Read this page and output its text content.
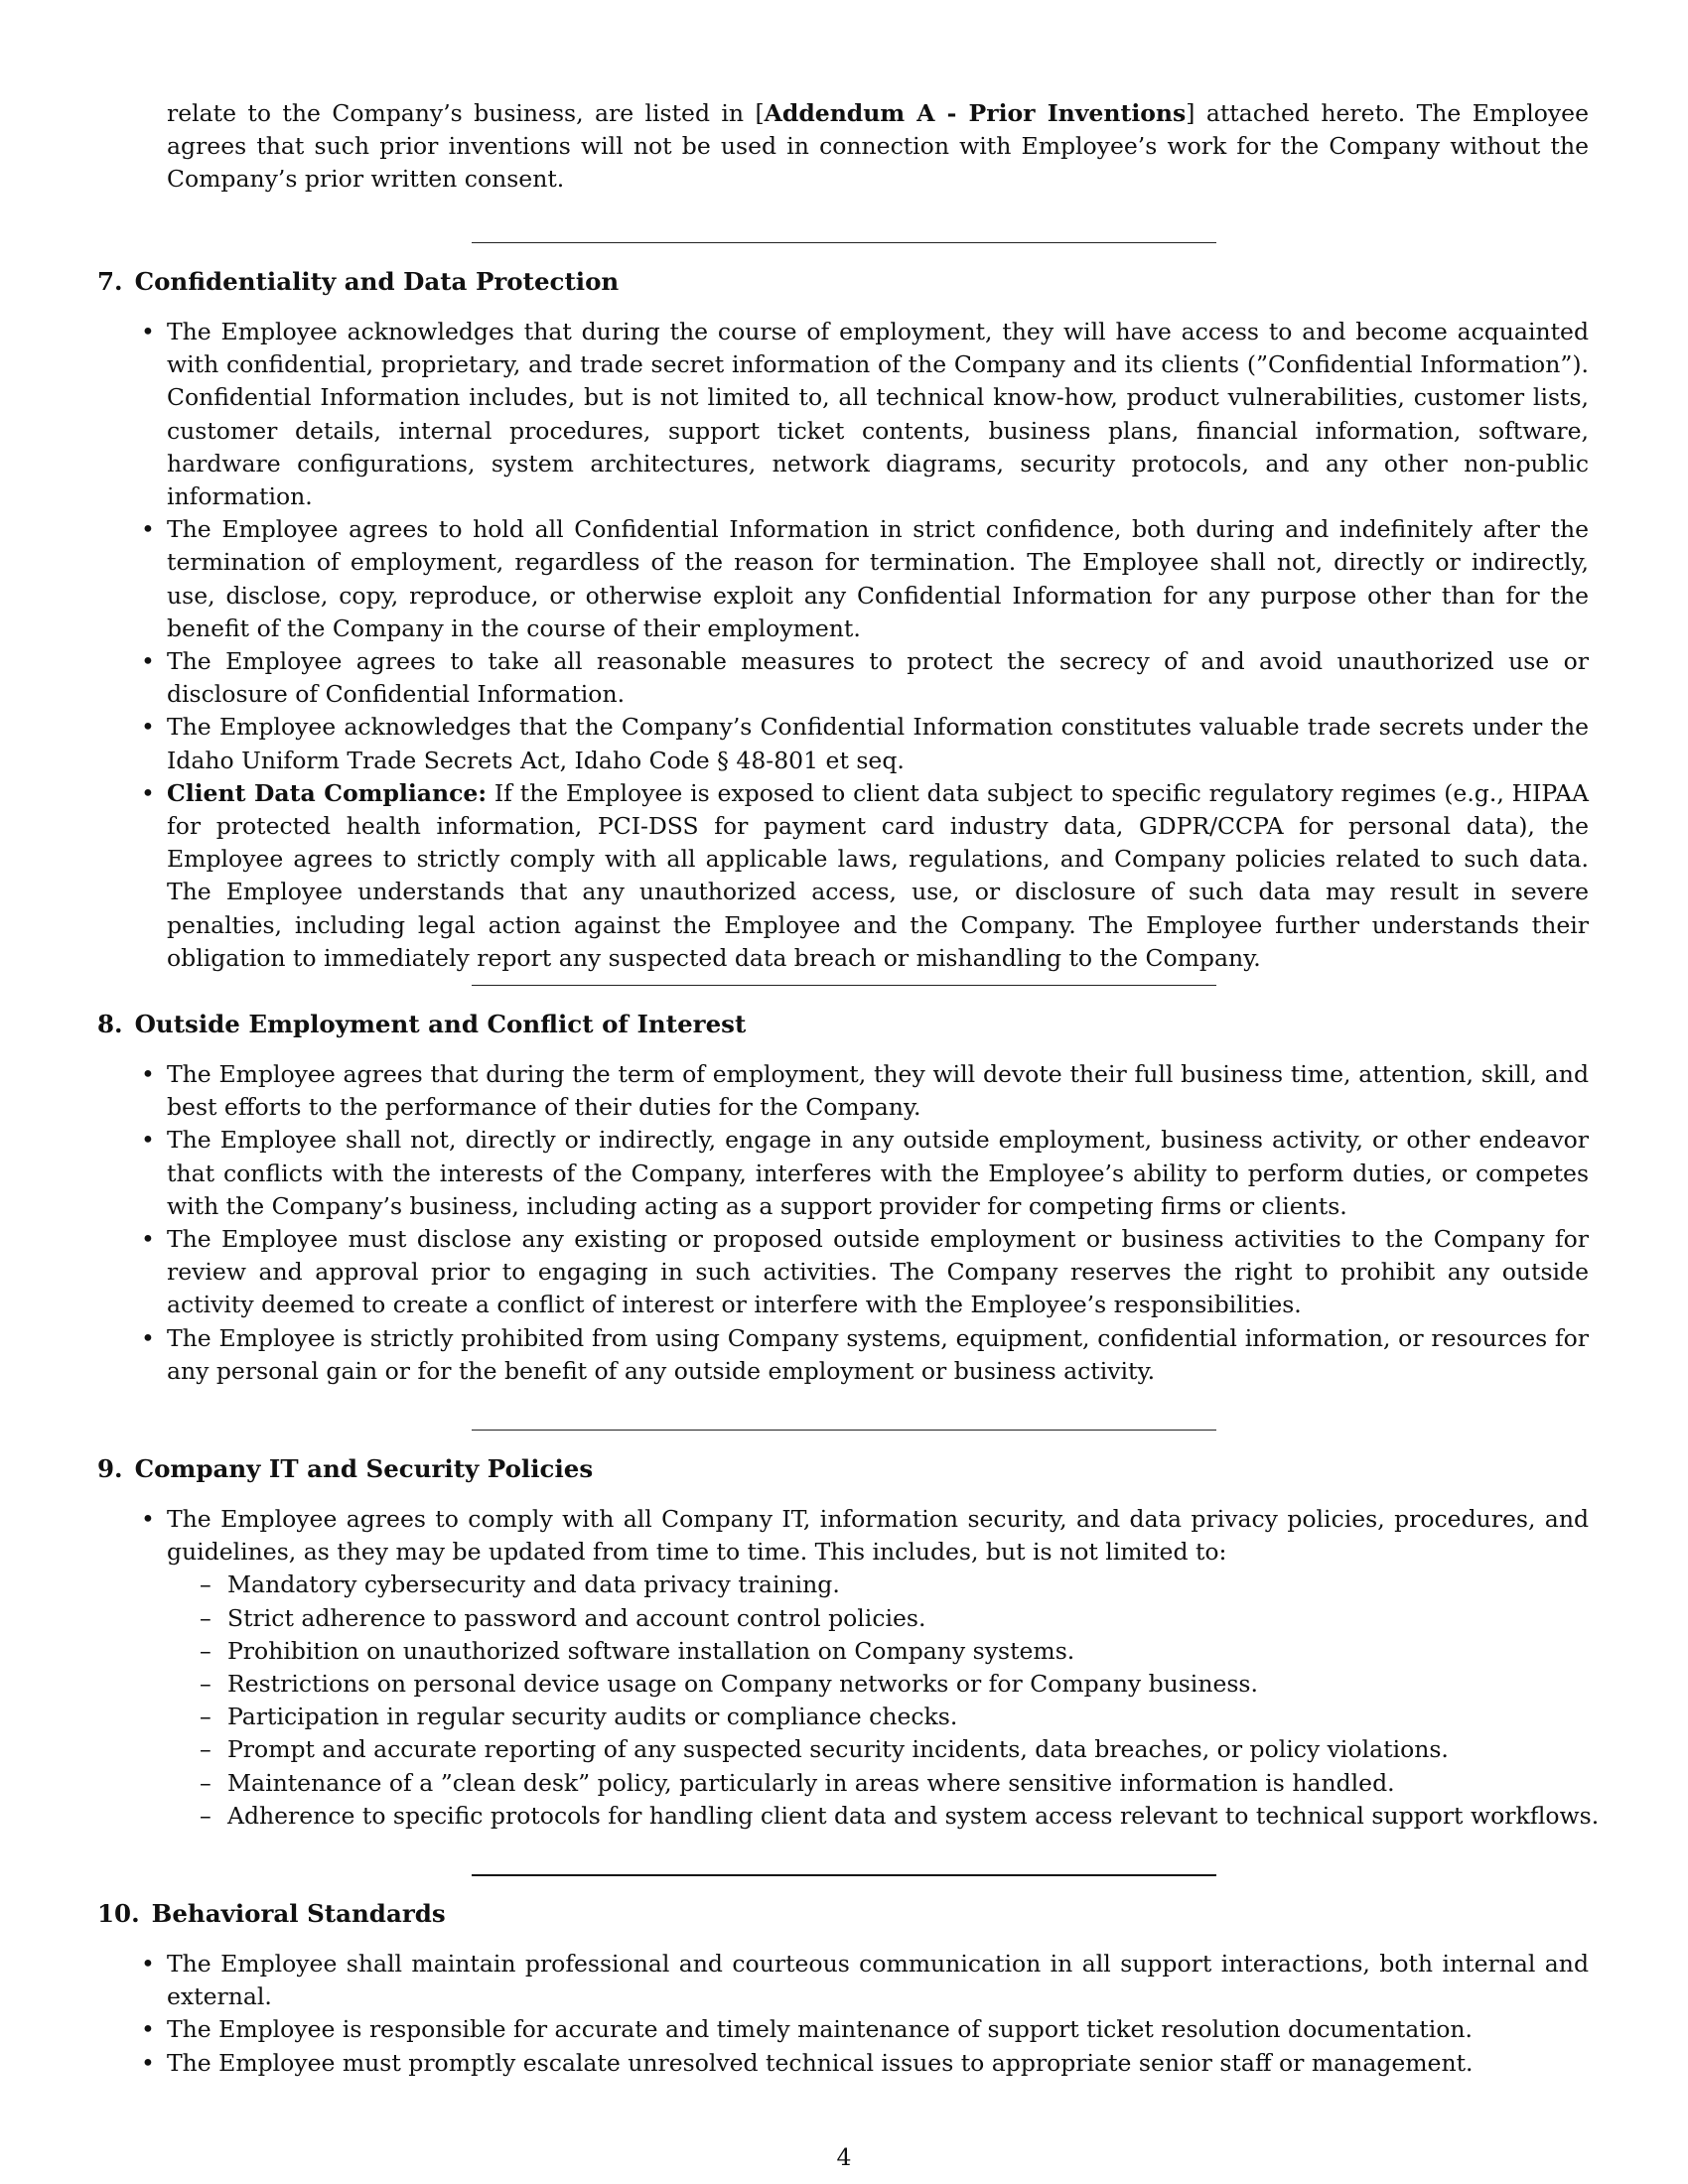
relate to the Company’s business, are listed in [Addendum A - Prior Inventions] attached hereto. The Employee agrees that such prior inventions will not be used in connection with Employee’s work for the Company without the Company’s prior written consent.

7. Confidentiality and Data Protection
• The Employee acknowledges that during the course of employment, they will have access to and become acquainted with confidential, proprietary, and trade secret information of the Company and its clients (”Confidential Information”). Confidential Information includes, but is not limited to, all technical know-how, product vulnerabilities, customer lists, customer details, internal procedures, support ticket contents, business plans, financial information, software, hardware configurations, system architectures, network diagrams, security protocols, and any other non-public information.
• The Employee agrees to hold all Confidential Information in strict confidence, both during and indefinitely after the termination of employment, regardless of the reason for termination. The Employee shall not, directly or indirectly, use, disclose, copy, reproduce, or otherwise exploit any Confidential Information for any purpose other than for the benefit of the Company in the course of their employment.
• The Employee agrees to take all reasonable measures to protect the secrecy of and avoid unauthorized use or disclosure of Confidential Information.
• The Employee acknowledges that the Company’s Confidential Information constitutes valuable trade secrets under the Idaho Uniform Trade Secrets Act, Idaho Code § 48-801 et seq.
• Client Data Compliance: If the Employee is exposed to client data subject to specific regulatory regimes (e.g., HIPAA for protected health information, PCI-DSS for payment card industry data, GDPR/CCPA for personal data), the Employee agrees to strictly comply with all applicable laws, regulations, and Company policies related to such data. The Employee understands that any unauthorized access, use, or disclosure of such data may result in severe penalties, including legal action against the Employee and the Company. The Employee further understands their obligation to immediately report any suspected data breach or mishandling to the Company.
8. Outside Employment and Conflict of Interest
• The Employee agrees that during the term of employment, they will devote their full business time, attention, skill, and best efforts to the performance of their duties for the Company.
• The Employee shall not, directly or indirectly, engage in any outside employment, business activity, or other endeavor that conflicts with the interests of the Company, interferes with the Employee’s ability to perform duties, or competes with the Company’s business, including acting as a support provider for competing firms or clients.
• The Employee must disclose any existing or proposed outside employment or business activities to the Company for review and approval prior to engaging in such activities. The Company reserves the right to prohibit any outside activity deemed to create a conflict of interest or interfere with the Employee’s responsibilities.
• The Employee is strictly prohibited from using Company systems, equipment, confidential information, or resources for any personal gain or for the benefit of any outside employment or business activity.
9. Company IT and Security Policies
• The Employee agrees to comply with all Company IT, information security, and data privacy policies, procedures, and guidelines, as they may be updated from time to time. This includes, but is not limited to:
– Mandatory cybersecurity and data privacy training.
– Strict adherence to password and account control policies.
– Prohibition on unauthorized software installation on Company systems.
– Restrictions on personal device usage on Company networks or for Company business.
– Participation in regular security audits or compliance checks.
– Prompt and accurate reporting of any suspected security incidents, data breaches, or policy violations.
– Maintenance of a ”clean desk” policy, particularly in areas where sensitive information is handled.
– Adherence to specific protocols for handling client data and system access relevant to technical support workflows.
10. Behavioral Standards
• The Employee shall maintain professional and courteous communication in all support interactions, both internal and external.
• The Employee is responsible for accurate and timely maintenance of support ticket resolution documentation.
• The Employee must promptly escalate unresolved technical issues to appropriate senior staff or management.
4
